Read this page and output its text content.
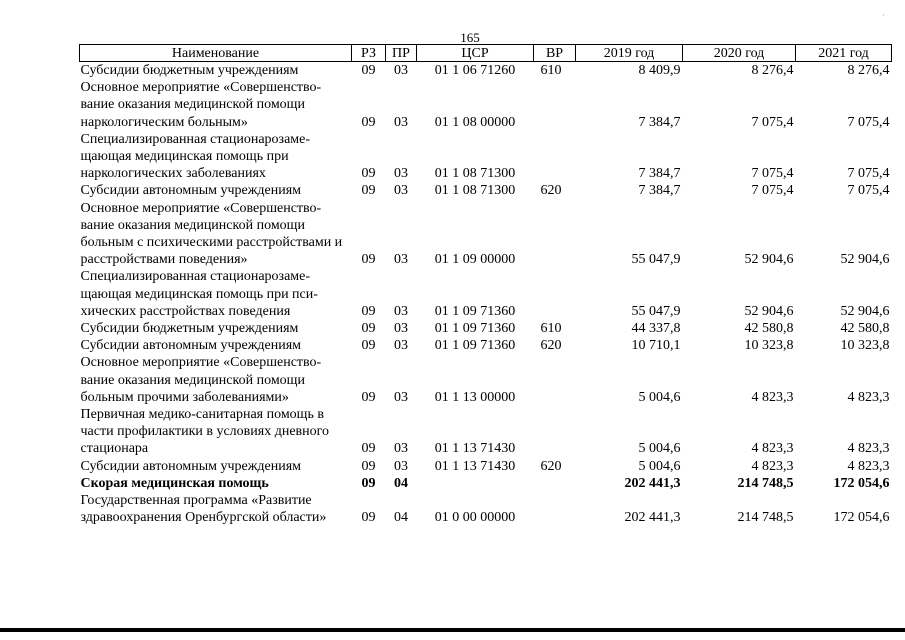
165
·
Наименование	РЗ	ПР	ЦСР	ВР	2019 год	2020 год	2021 год
Субсидии бюджетным учреждениям	09	03	01 1 06 71260	610	8 409,9	8 276,4	8 276,4
Основное мероприятие «Совершенство-вание оказания медицинской помощи наркологическим больным»	09	03	01 1 08 00000		7 384,7	7 075,4	7 075,4
Специализированная стационарозаме-щающая медицинская помощь при наркологических заболеваниях	09	03	01 1 08 71300		7 384,7	7 075,4	7 075,4
Субсидии автономным учреждениям	09	03	01 1 08 71300	620	7 384,7	7 075,4	7 075,4
Основное мероприятие «Совершенство-вание оказания медицинской помощи больным с психическими расстройствами и расстройствами поведения»	09	03	01 1 09 00000		55 047,9	52 904,6	52 904,6
Специализированная стационарозаме-щающая медицинская помощь при пси-хических расстройствах поведения	09	03	01 1 09 71360		55 047,9	52 904,6	52 904,6
Субсидии бюджетным учреждениям	09	03	01 1 09 71360	610	44 337,8	42 580,8	42 580,8
Субсидии автономным учреждениям	09	03	01 1 09 71360	620	10 710,1	10 323,8	10 323,8
Основное мероприятие «Совершенство-вание оказания медицинской помощи больным прочими заболеваниями»	09	03	01 1 13 00000		5 004,6	4 823,3	4 823,3
Первичная медико-санитарная помощь в части профилактики в условиях дневного стационара	09	03	01 1 13 71430		5 004,6	4 823,3	4 823,3
Субсидии автономным учреждениям	09	03	01 1 13 71430	620	5 004,6	4 823,3	4 823,3
Скорая медицинская помощь	09	04			202 441,3	214 748,5	172 054,6
Государственная программа «Развитие здравоохранения Оренбургской области»	09	04	01 0 00 00000		202 441,3	214 748,5	172 054,6
